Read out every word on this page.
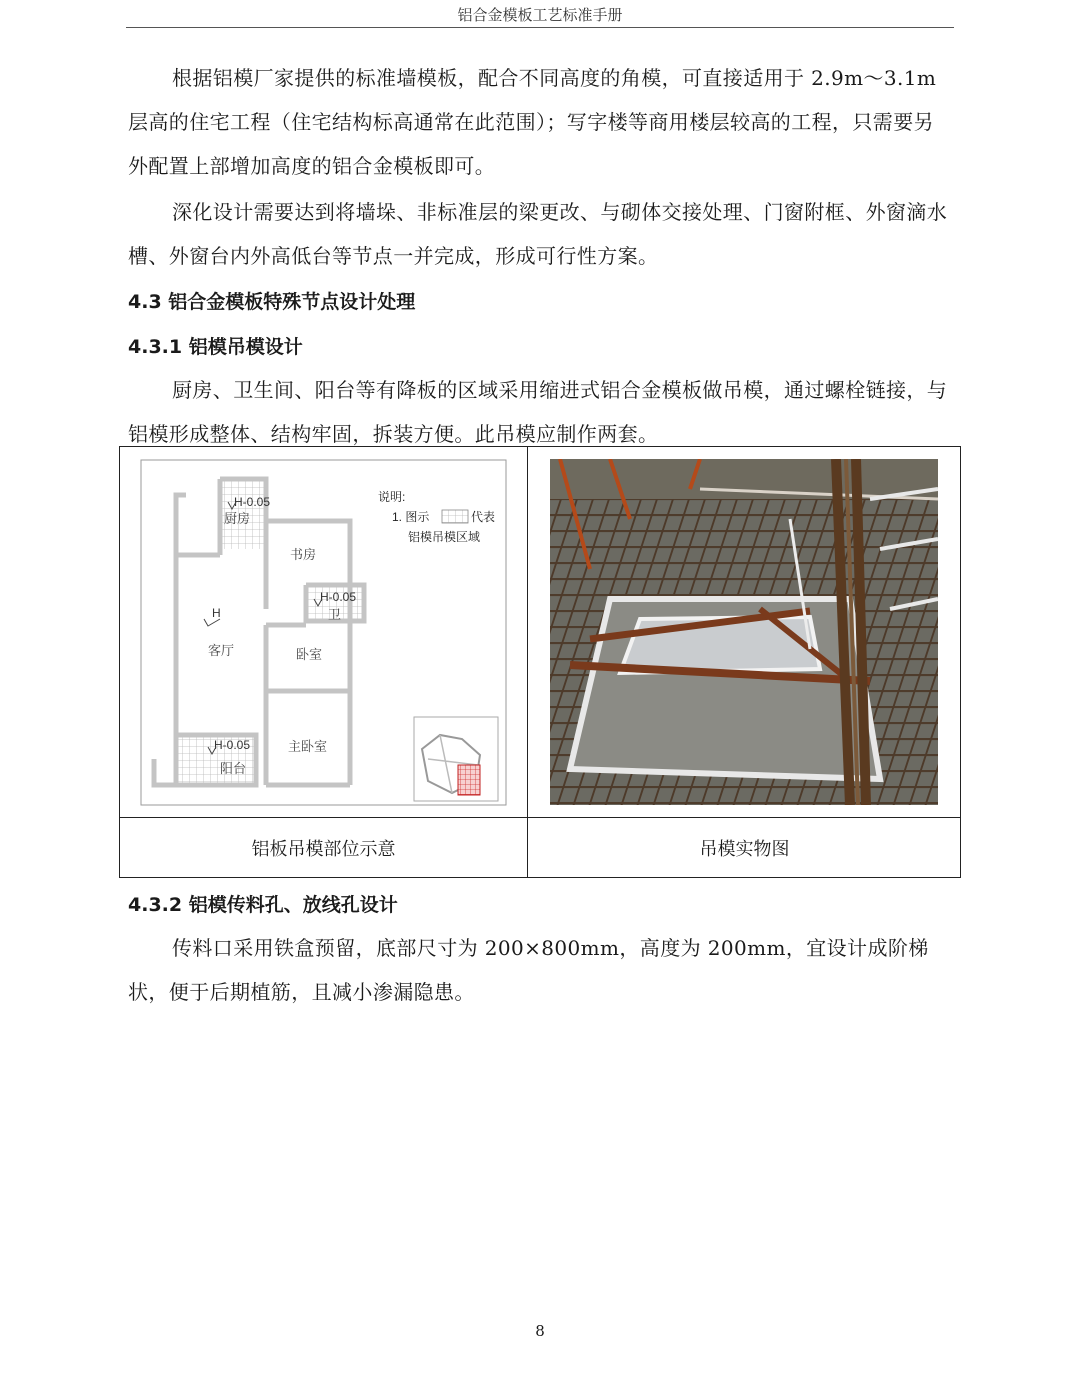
铝合金模板工艺标准手册

根据铝模厂家提供的标准墙模板，配合不同高度的角模，可直接适用于 2.9m～3.1m层高的住宅工程（住宅结构标高通常在此范围）；写字楼等商用楼层较高的工程，只需要另外配置上部增加高度的铝合金模板即可。

深化设计需要达到将墙垛、非标准层的梁更改、与砌体交接处理、门窗附框、外窗滴水槽、外窗台内外高低台等节点一并完成，形成可行性方案。

4.3 铝合金模板特殊节点设计处理
4.3.1 铝模吊模设计

厨房、卫生间、阳台等有降板的区域采用缩进式铝合金模板做吊模，通过螺栓链接，与铝模形成整体、结构牢固，拆装方便。此吊模应制作两套。

说明:
1. 图示	代表
铝模吊模区域
H-0.05
H-0.05
H
H-0.05
厨房
书房
卫
客厅	卧室
主卧室
阳台
铝板吊模部位示意	吊模实物图
4.3.2 铝模传料孔、放线孔设计

传料口采用铁盒预留，底部尺寸为 200×800mm，高度为 200mm，宜设计成阶梯状，便于后期植筋，且减小渗漏隐患。

8
